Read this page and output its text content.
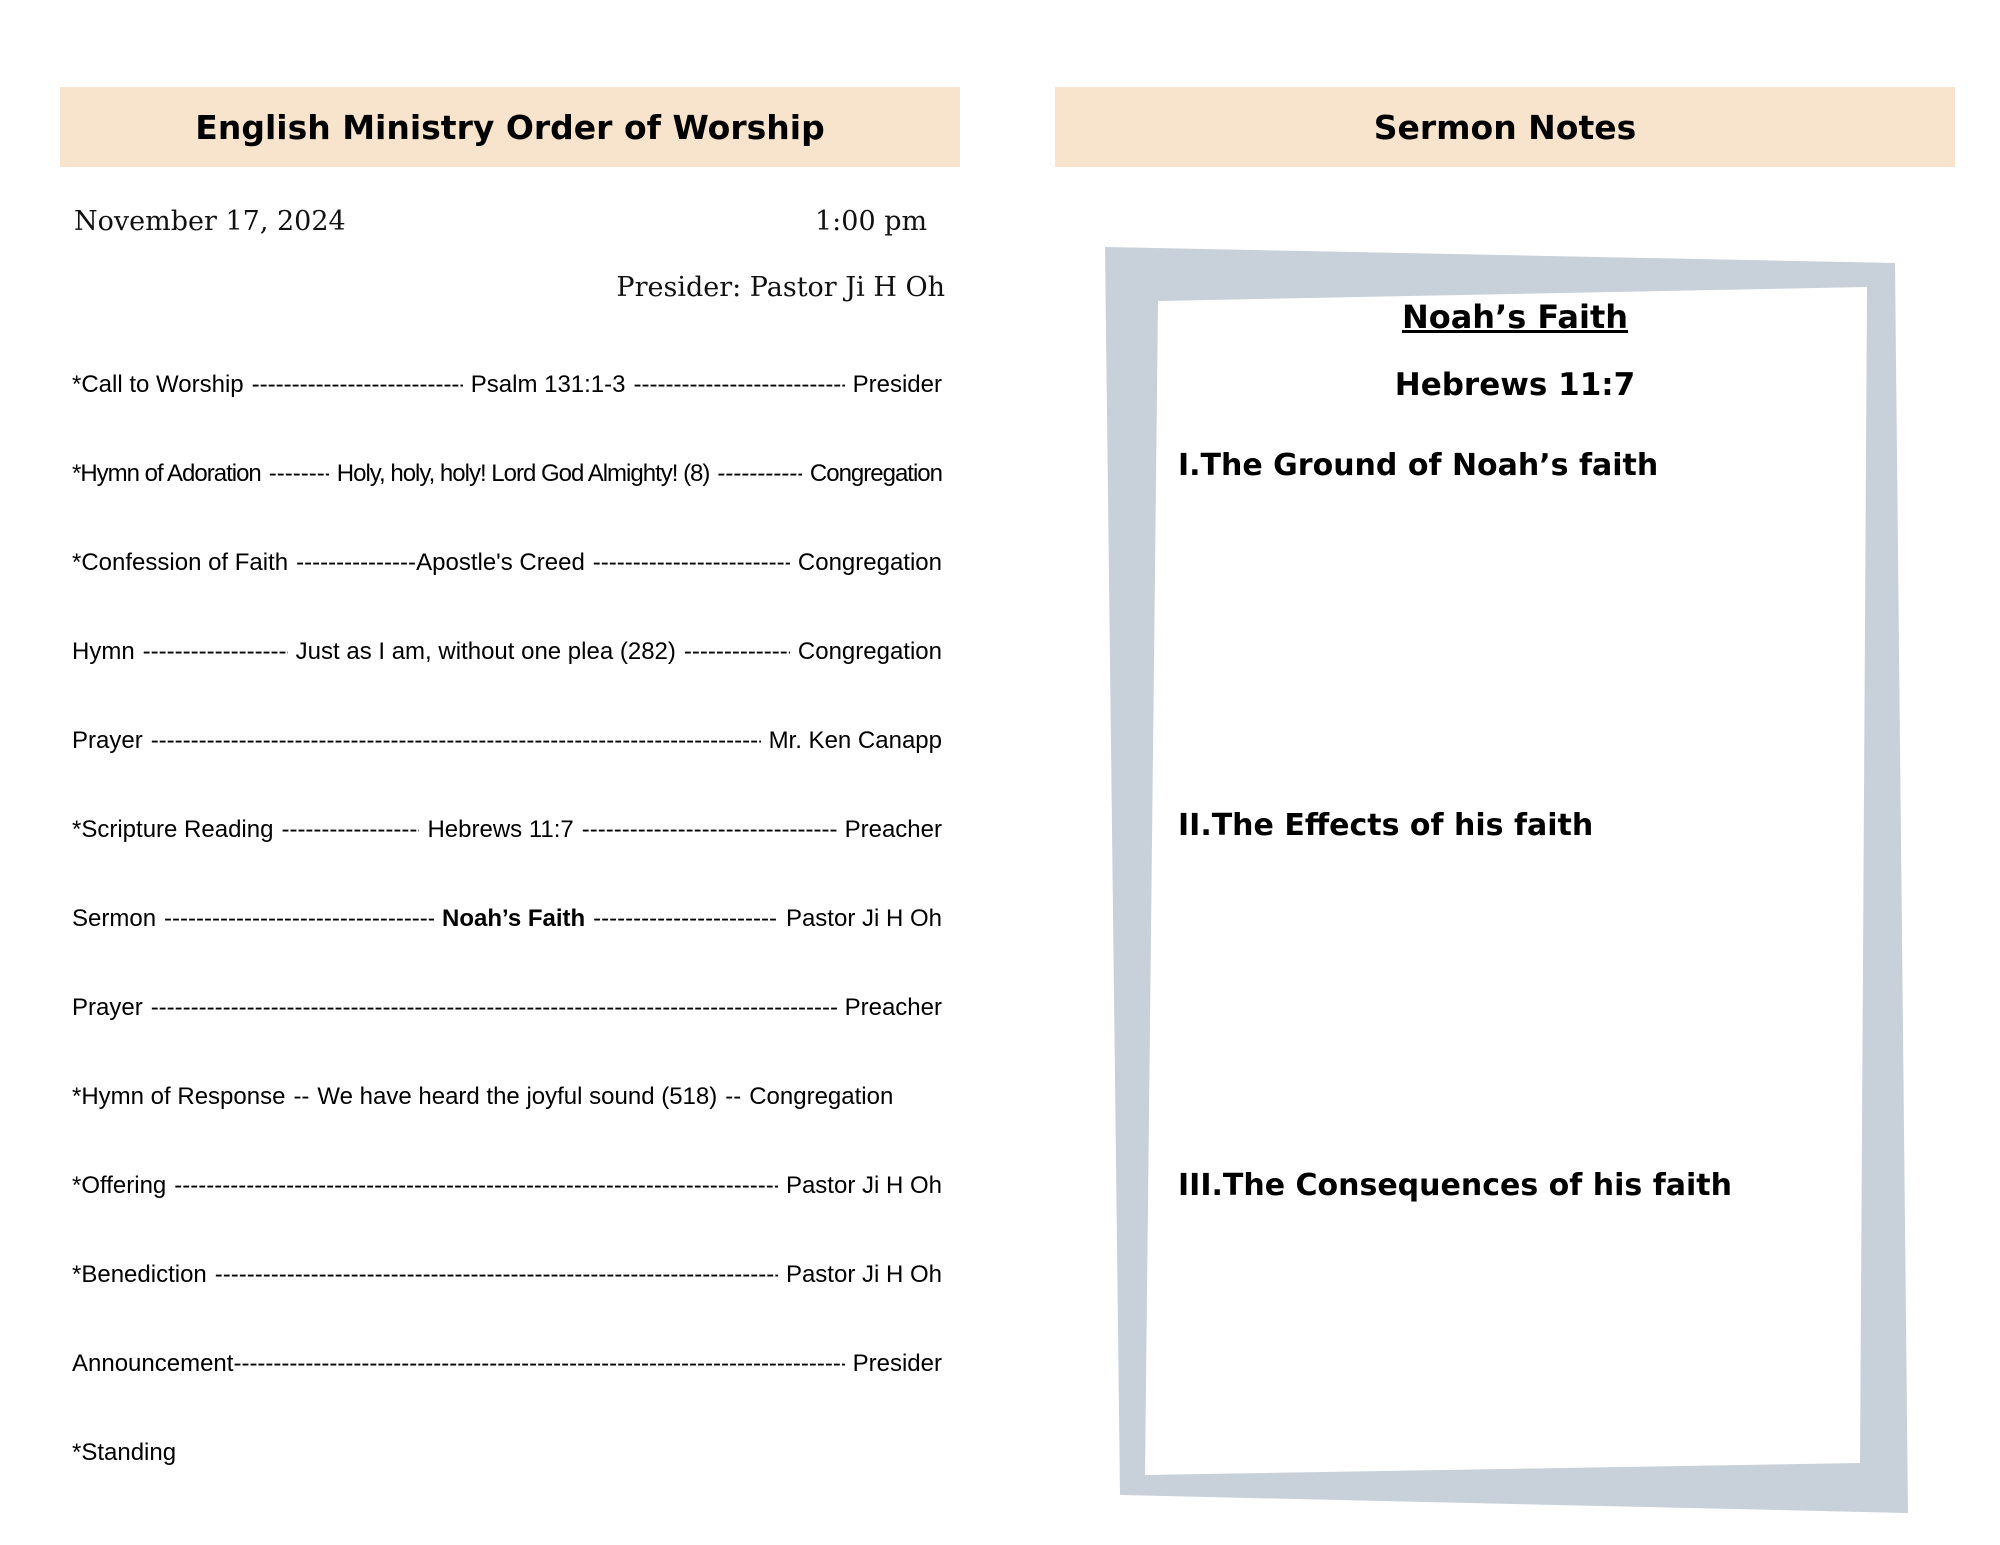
English Ministry Order of Worship
November 17, 2024	1:00 pm
Presider: Pastor Ji H Oh
*Call to Worship -----	Psalm 131:1-3 -----	Presider
*Hymn of Adoration -----	Holy, holy, holy! Lord God Almighty! (8) -----	Congregation
*Confession of Faith -----	Apostle's Creed -----	Congregation
Hymn -----	Just as I am, without one plea (282) -----	Congregation
Prayer -----	Mr. Ken Canapp
*Scripture Reading -----	Hebrews 11:7 -----	Preacher
Sermon -----	Noah’s Faith -----	Pastor Ji H Oh
Prayer -----	Preacher
*Hymn of Response -- We have heard the joyful sound (518) -- Congregation
*Offering -----	Pastor Ji H Oh
*Benediction -----	Pastor Ji H Oh
Announcement -----	Presider
*Standing
Sermon Notes
Noah’s Faith
Hebrews 11:7
I.The Ground of Noah’s faith
II.The Effects of his faith
III.The Consequences of his faith
